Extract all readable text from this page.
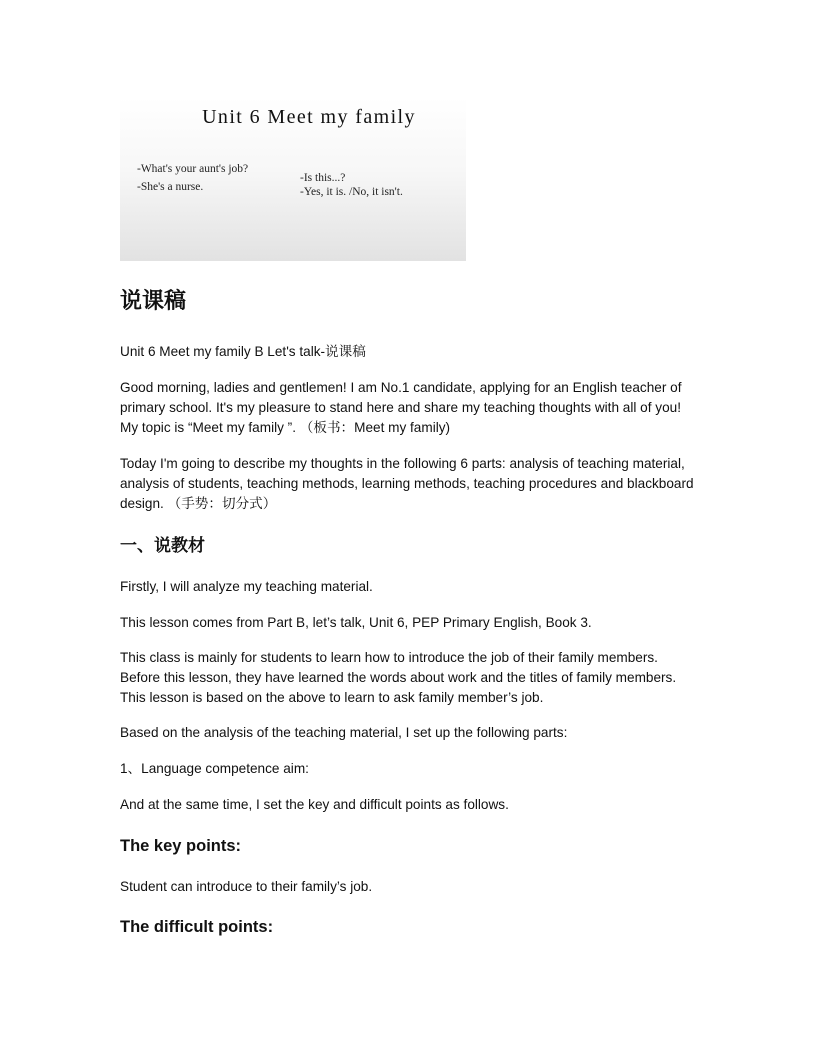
Unit 6 Meet my family
-What's your aunt's job?
-She's a nurse.
-Is this...?
-Yes, it is. /No, it isn't.
说课稿

Unit 6 Meet my family B Let's talk-说课稿

Good morning, ladies and gentlemen! I am No.1 candidate, applying for an English teacher of primary school. It's my pleasure to stand here and share my teaching thoughts with all of you! My topic is “Meet my family ”. （板书：Meet my family)

Today I'm going to describe my thoughts in the following 6 parts: analysis of teaching material, analysis of students, teaching methods, learning methods, teaching procedures and blackboard design. （手势：切分式）

一、说教材

Firstly, I will analyze my teaching material.

This lesson comes from Part B, let’s talk, Unit 6, PEP Primary English, Book 3.

This class is mainly for students to learn how to introduce the job of their family members. Before this lesson, they have learned the words about work and the titles of family members. This lesson is based on the above to learn to ask family member’s job.

Based on the analysis of the teaching material, I set up the following parts:

1、Language competence aim:

And at the same time, I set the key and difficult points as follows.

The key points:

Student can introduce to their family’s job.

The difficult points:
